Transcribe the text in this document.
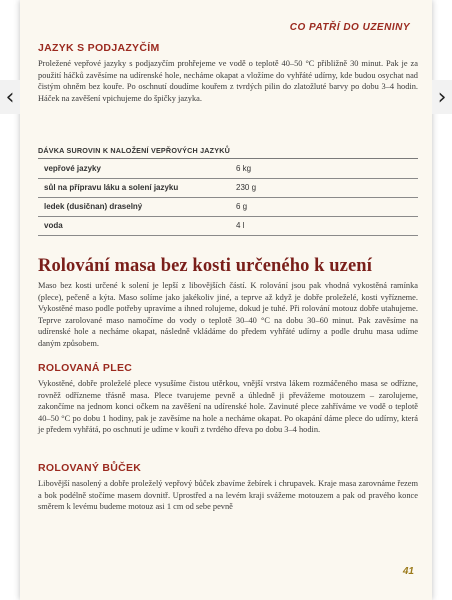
CO PATŘÍ DO UZENINY
JAZYK S PODJAZYČÍM

Proležené vepřové jazyky s podjazyčím prohřejeme ve vodě o teplotě 40–50 °C přibližně 30 minut. Pak je za použití háčků zavěsíme na udírenské hole, necháme okapat a vložíme do vyhřáté udírny, kde budou osychat nad čistým ohněm bez kouře. Po oschnutí doudíme kouřem z tvrdých pilin do zlatožluté barvy po dobu 3–4 hodin. Háček na zavěšení vpichujeme do špičky jazyka.

DÁVKA SUROVIN K NALOŽENÍ VEPŘOVÝCH JAZYKŮ
vepřové jazyky	6 kg
sůl na přípravu láku a solení jazyku	230 g
ledek (dusičnan) draselný	6 g
voda	4 l
Rolování masa bez kosti určeného k uzení

Maso bez kosti určené k solení je lepší z libovějších částí. K rolování jsou pak vhodná vykostěná ramínka (plece), pečeně a kýta. Maso solíme jako jakékoliv jiné, a teprve až když je dobře proleželé, kosti vyřízneme. Vykostěné maso podle potřeby upravíme a ihned rolujeme, dokud je tuhé. Při rolování motouz dobře utahujeme. Teprve zarolované maso namočíme do vody o teplotě 30–40 °C na dobu 30–60 minut. Pak zavěsíme na udírenské hole a necháme okapat, následně vkládáme do předem vyhřáté udírny a podle druhu masa udíme daným způsobem.

ROLOVANÁ PLEC

Vykostěné, dobře proleželé plece vysušíme čistou utěrkou, vnější vrstva lákem rozmáčeného masa se odřízne, rovněž odřízneme třásně masa. Plece tvarujeme pevně a úhledně ji převážeme motouzem – zarolujeme, zakončíme na jednom konci očkem na zavěšení na udírenské hole. Zavinuté plece zahříváme ve vodě o teplotě 40–50 °C po dobu 1 hodiny, pak je zavěsíme na hole a necháme okapat. Po okapání dáme plece do udírny, která je předem vyhřátá, po oschnutí je udíme v kouři z tvrdého dřeva po dobu 3–4 hodin.

ROLOVANÝ BŮČEK

Libovější nasolený a dobře proleželý vepřový bůček zbavíme žebírek i chrupavek. Kraje masa zarovnáme řezem a bok podélně stočíme masem dovnitř. Uprostřed a na levém kraji svážeme motouzem a pak od pravého konce směrem k levému budeme motouz asi 1 cm od sebe pevně

41
‹	›
